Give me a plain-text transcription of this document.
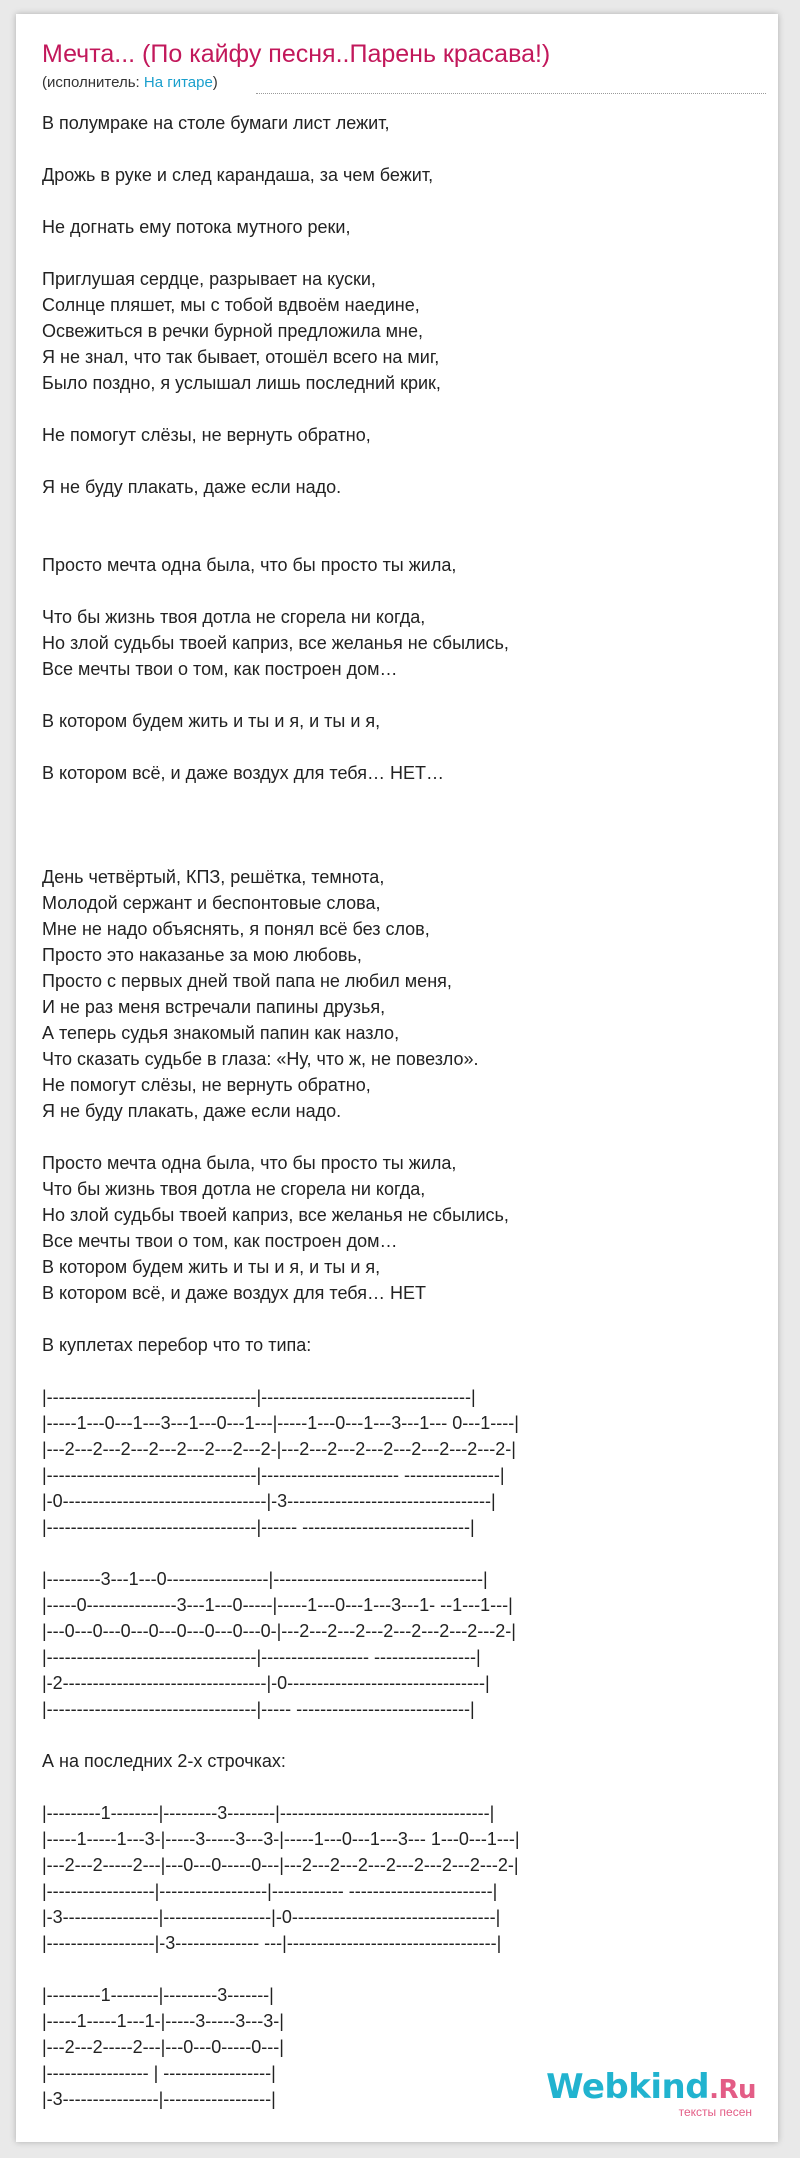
Мечта... (По кайфу песня..Парень красава!)
(исполнитель: На гитаре)
В полумраке на столе бумаги лист лежит,

Дрожь в руке и след карандаша, за чем бежит,

Не догнать ему потока мутного реки,

Приглушая сердце, разрывает на куски,
Солнце пляшет, мы с тобой вдвоём наедине,
Освежиться в речки бурной предложила мне,
Я не знал, что так бывает, отошёл всего на миг,
Было поздно, я услышал лишь последний крик,

Не помогут слёзы, не вернуть обратно,

Я не буду плакать, даже если надо.

Просто мечта одна была, что бы просто ты жила,

Что бы жизнь твоя дотла не сгорела ни когда,
Но злой судьбы твоей каприз, все желанья не сбылись,
Все мечты твои о том, как построен дом…

В котором будем жить и ты и я, и ты и я,

В котором всё, и даже воздух для тебя… НЕТ…

День четвёртый, КПЗ, решётка, темнота,
Молодой сержант и беспонтовые слова,
Мне не надо объяснять, я понял всё без слов,
Просто это наказанье за мою любовь,
Просто с первых дней твой папа не любил меня,
И не раз меня встречали папины друзья,
А теперь судья знакомый папин как назло,
Что сказать судьбе в глаза: «Ну, что ж, не повезло».
Не помогут слёзы, не вернуть обратно,
Я не буду плакать, даже если надо.

Просто мечта одна была, что бы просто ты жила,
Что бы жизнь твоя дотла не сгорела ни когда,
Но злой судьбы твоей каприз, все желанья не сбылись,
Все мечты твои о том, как построен дом…
В котором будем жить и ты и я, и ты и я,
В котором всё, и даже воздух для тебя… НЕТ

В куплетах перебор что то типа:

|-----------------------------------|-----------------------------------|
|-----1---0---1---3---1---0---1---|-----1---0---1---3---1--- 0---1----|
|---2---2---2---2---2---2---2---2-|---2---2---2---2---2---2---2---2-|
|-----------------------------------|----------------------- ----------------|
|-0----------------------------------|-3----------------------------------|
|-----------------------------------|------ ----------------------------|

|---------3---1---0-----------------|-----------------------------------|
|-----0---------------3---1---0-----|-----1---0---1---3---1- --1---1---|
|---0---0---0---0---0---0---0---0-|---2---2---2---2---2---2---2---2-|
|-----------------------------------|------------------ -----------------|
|-2----------------------------------|-0---------------------------------|
|-----------------------------------|----- -----------------------------|

А на последних 2-х строчках:

|---------1--------|---------3--------|-----------------------------------|
|-----1-----1---3-|-----3-----3---3-|-----1---0---1---3--- 1---0---1---|
|---2---2-----2---|---0---0-----0---|---2---2---2---2---2---2---2---2-|
|------------------|------------------|------------ ------------------------|
|-3----------------|------------------|-0----------------------------------|
|------------------|-3-------------- ---|-----------------------------------|

|---------1--------|---------3-------|
|-----1-----1---1-|-----3-----3---3-|
|---2---2-----2---|---0---0-----0---|
|----------------- | ------------------|
|-3----------------|------------------|	Webkind.Ru
тексты песен
